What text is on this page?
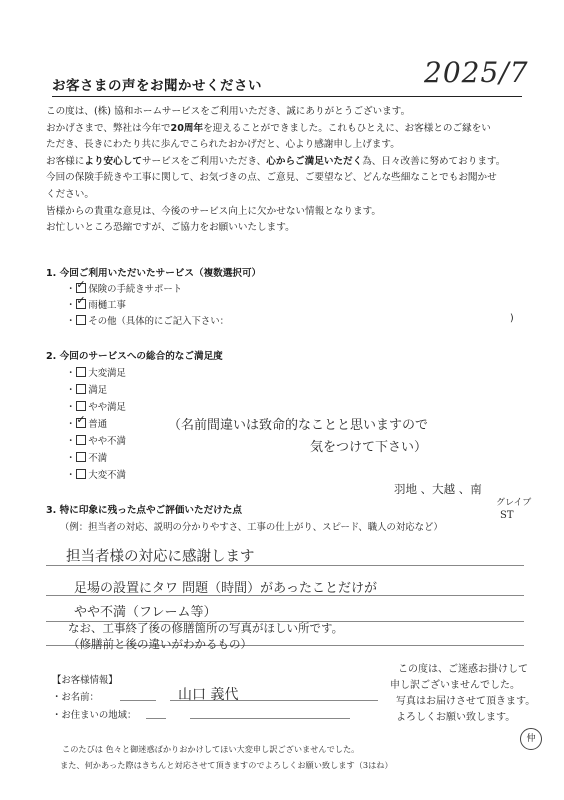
お客さまの声をお聞かせください	2025/7

この度は、(株) 協和ホームサービスをご利用いただき、誠にありがとうございます。

おかげさまで、弊社は今年で20周年を迎えることができました。これもひとえに、お客様とのご縁をい

ただき、長きにわたり共に歩んでこられたおかげだと、心より感謝申し上げます。

お客様により安心してサービスをご利用いただき、心からご満足いただく為、日々改善に努めております。

今回の保険手続きや工事に関して、お気づきの点、ご意見、ご要望など、どんな些細なことでもお聞かせ

ください。

皆様からの貴重な意見は、今後のサービス向上に欠かせない情報となります。

お忙しいところ恐縮ですが、ご協力をお願いいたします。

1. 今回ご利用いただいたサービス（複数選択可）
・ ✓ 保険の手続きサポート
・ ✓ 雨樋工事
・ その他（具体的にご記入下さい：	)
2. 今回のサービスへの総合的なご満足度
・ 大変満足
・ 満足
・ やや満足
・ ✓ 普通
・ やや不満
・ 不満
・ 大変不満
（名前間違いは致命的なことと思いますので
気をつけて下さい）
羽地 、大越 、南
グレイブ
ST
3. 特に印象に残った点やご評価いただけた点
（例：担当者の対応、説明の分かりやすさ、工事の仕上がり、スピード、職人の対応など）
担当者様の対応に感謝します
足場の設置にタワ 問題（時間）があったことだけが
やや不満（フレーム等）
なお、工事終了後の修膳箇所の写真がほしい所です。
（修膳前と後の違いがわかるもの）
【お客様情報】
・お名前：	山口 義代
・お住まいの地域：
この度は、ご迷惑お掛けして
申し訳ございませんでした。
写真はお届けさせて頂きます。
よろしくお願い致します。
仲
このたびは 色々と御迷惑ばかりおかけしてほい大変申し訳ございませんでした。
また、何かあった際はきちんと対応させて頂きますのでよろしくお願い致します（3はね）
